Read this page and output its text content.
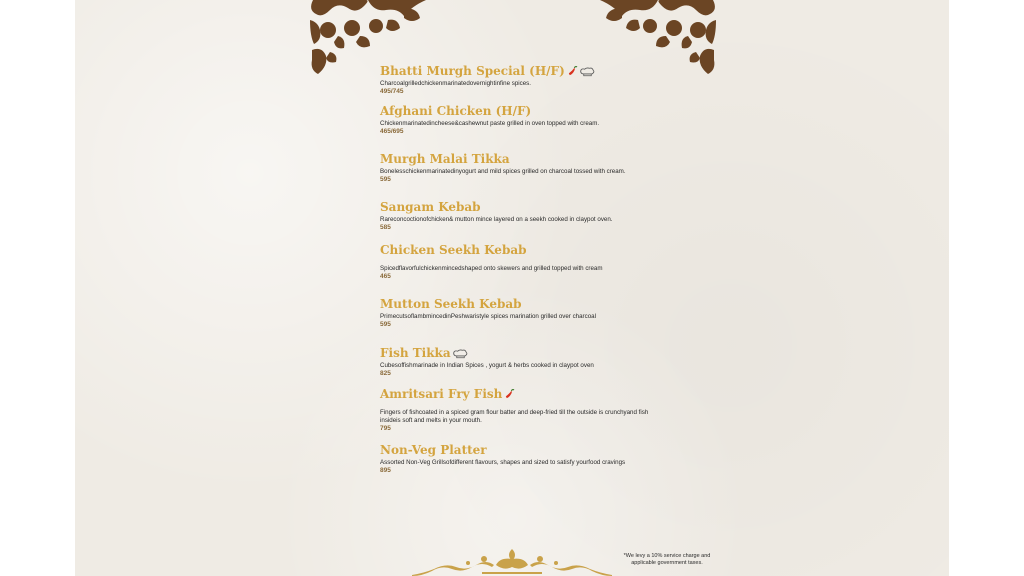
Bhatti Murgh Special (H/F)
Charcoalgrilledchickenmarinatedovernightinfine spices.
495/745
Afghani Chicken (H/F)
Chickenmarinatedincheese&cashewnut paste grilled in oven topped with cream.
465/695
Murgh Malai Tikka
Bonelesschickenmarinatedinyogurt and mild spices grilled on charcoal tossed with cream.
595
Sangam Kebab
Rareconcoctionofchicken& mutton mince layered on a seekh cooked in claypot oven.
585
Chicken Seekh Kebab
Spicedflavorfulchickenmincedshaped onto skewers and grilled topped with cream
465
Mutton Seekh Kebab
PrimecutsoflambmincedinPeshwaristyle spices marination grilled over charcoal
595
Fish Tikka
Cubesoffishmarinade in Indian Spices , yogurt & herbs cooked in claypot oven
825
Amritsari Fry Fish
Fingers of fishcoated in a spiced gram flour batter and deep-fried till the outside is crunchyand fish insideis soft and melts in your mouth.
795
Non-Veg Platter
Assorted Non-Veg Grillsofdifferent flavours, shapes and sized to satisfy yourfood cravings
895
*We levy a 10% service charge and
applicable government taxes.
